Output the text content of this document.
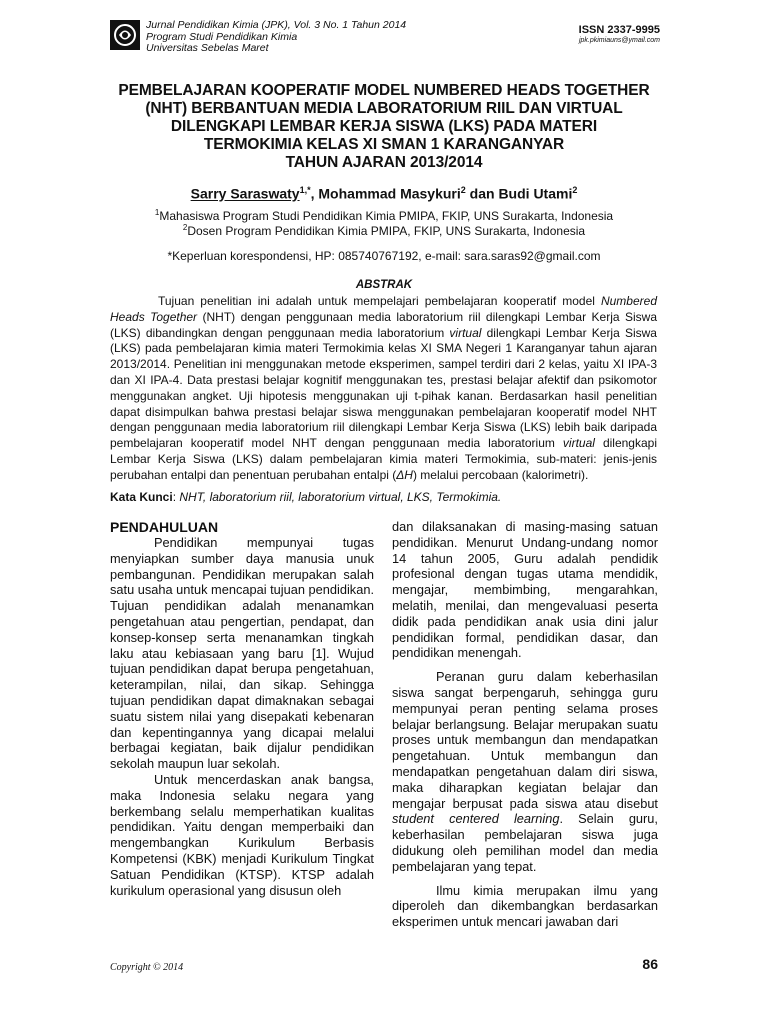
Jurnal Pendidikan Kimia (JPK), Vol. 3 No. 1 Tahun 2014
Program Studi Pendidikan Kimia
Universitas Sebelas Maret
ISSN 2337-9995
jpk.pkimiauns@ymail.com
PEMBELAJARAN KOOPERATIF MODEL NUMBERED HEADS TOGETHER
(NHT) BERBANTUAN MEDIA LABORATORIUM RIIL DAN VIRTUAL
DILENGKAPI LEMBAR KERJA SISWA (LKS) PADA MATERI
TERMOKIMIA KELAS XI SMAN 1 KARANGANYAR
TAHUN AJARAN 2013/2014
Sarry Saraswaty$^{1,*}$, Mohammad Masykuri$^2$ dan Budi Utami$^2$
$^1$Mahasiswa Program Studi Pendidikan Kimia PMIPA, FKIP, UNS Surakarta, Indonesia
$^2$Dosen Program Pendidikan Kimia PMIPA, FKIP, UNS Surakarta, Indonesia
*Keperluan korespondensi, HP: 085740767192, e-mail: sara.saras92@gmail.com
ABSTRAK
Tujuan penelitian ini adalah untuk mempelajari pembelajaran kooperatif model Numbered Heads Together (NHT) dengan penggunaan media laboratorium riil dilengkapi Lembar Kerja Siswa (LKS) dibandingkan dengan penggunaan media laboratorium virtual dilengkapi Lembar Kerja Siswa (LKS) pada pembelajaran kimia materi Termokimia kelas XI SMA Negeri 1 Karanganyar tahun ajaran 2013/2014. Penelitian ini menggunakan metode eksperimen, sampel terdiri dari 2 kelas, yaitu XI IPA-3 dan XI IPA-4. Data prestasi belajar kognitif menggunakan tes, prestasi belajar afektif dan psikomotor menggunakan angket. Uji hipotesis menggunakan uji t-pihak kanan. Berdasarkan hasil penelitian dapat disimpulkan bahwa prestasi belajar siswa menggunakan pembelajaran kooperatif model NHT dengan penggunaan media laboratorium riil dilengkapi Lembar Kerja Siswa (LKS) lebih baik daripada pembelajaran kooperatif model NHT dengan penggunaan media laboratorium virtual dilengkapi Lembar Kerja Siswa (LKS) dalam pembelajaran kimia materi Termokimia, sub-materi: jenis-jenis perubahan entalpi dan penentuan perubahan entalpi (ΔH) melalui percobaan (kalorimetri).
Kata Kunci: NHT, laboratorium riil, laboratorium virtual, LKS, Termokimia.
PENDAHULUAN

Pendidikan mempunyai tugas menyiapkan sumber daya manusia unuk pembangunan. Pendidikan merupakan salah satu usaha untuk mencapai tujuan pendidikan. Tujuan pendidikan adalah menanamkan pengetahuan atau pengertian, pendapat, dan konsep-konsep serta menanamkan tingkah laku atau kebiasaan yang baru [1]. Wujud tujuan pendidikan dapat berupa pengetahuan, keterampilan, nilai, dan sikap. Sehingga tujuan pendidikan dapat dimaknakan sebagai suatu sistem nilai yang disepakati kebenaran dan kepentingannya yang dicapai melalui berbagai kegiatan, baik dijalur pendidikan sekolah maupun luar sekolah.

Untuk mencerdaskan anak bangsa, maka Indonesia selaku negara yang berkembang selalu memperhatikan kualitas pendidikan. Yaitu dengan memperbaiki dan mengembangkan Kurikulum Berbasis Kompetensi (KBK) menjadi Kurikulum Tingkat Satuan Pendidikan (KTSP). KTSP adalah kurikulum operasional yang disusun oleh

dan dilaksanakan di masing-masing satuan pendidikan. Menurut Undang-undang nomor 14 tahun 2005, Guru adalah pendidik profesional dengan tugas utama mendidik, mengajar, membimbing, mengarahkan, melatih, menilai, dan mengevaluasi peserta didik pada pendidikan anak usia dini jalur pendidikan formal, pendidikan dasar, dan pendidikan menengah.

Peranan guru dalam keberhasilan siswa sangat berpengaruh, sehingga guru mempunyai peran penting selama proses belajar berlangsung. Belajar merupakan suatu proses untuk membangun dan mendapatkan pengetahuan. Untuk membangun dan mendapatkan pengetahuan dalam diri siswa, maka diharapkan kegiatan belajar dan mengajar berpusat pada siswa atau disebut student centered learning. Selain guru, keberhasilan pembelajaran siswa juga didukung oleh pemilihan model dan media pembelajaran yang tepat.

Ilmu kimia merupakan ilmu yang diperoleh dan dikembangkan berdasarkan eksperimen untuk mencari jawaban dari

Copyright © 2014	86
